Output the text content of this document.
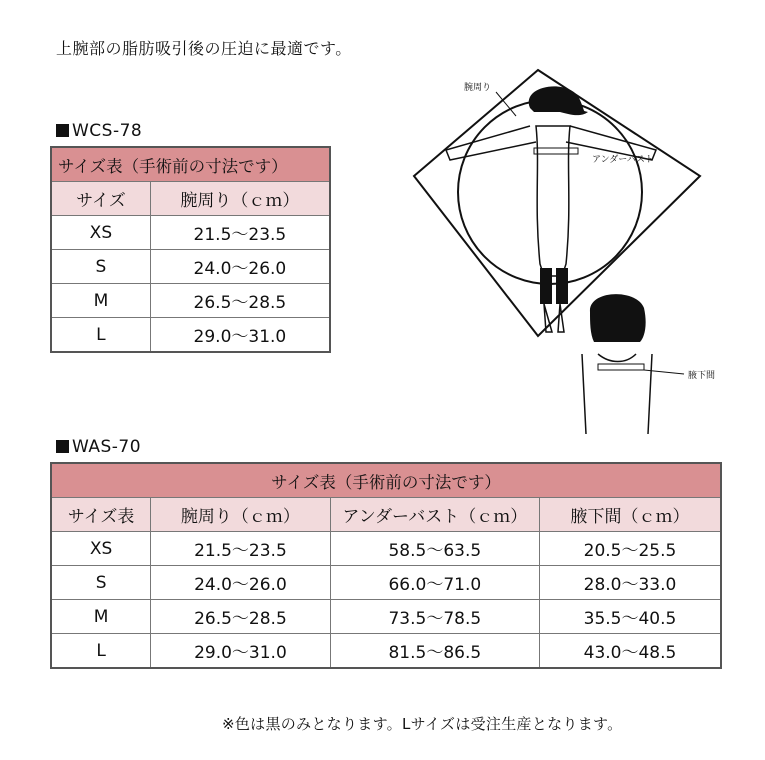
上腕部の脂肪吸引後の圧迫に最適です。
WCS-78
サイズ表（手術前の寸法です）	
サイズ	腕周り（ｃｍ）
XS	21.5～23.5
S	24.0～26.0
M	26.5～28.5
L	29.0～31.0
腕周り
アンダーバスト
腋下間
WAS-70
サイズ表（手術前の寸法です）			
サイズ表	腕周り（ｃｍ）	アンダーバスト（ｃｍ）	腋下間（ｃｍ）
XS	21.5～23.5	58.5～63.5	20.5～25.5
S	24.0～26.0	66.0～71.0	28.0～33.0
M	26.5～28.5	73.5～78.5	35.5～40.5
L	29.0～31.0	81.5～86.5	43.0～48.5
※色は黒のみとなります。Lサイズは受注生産となります。
